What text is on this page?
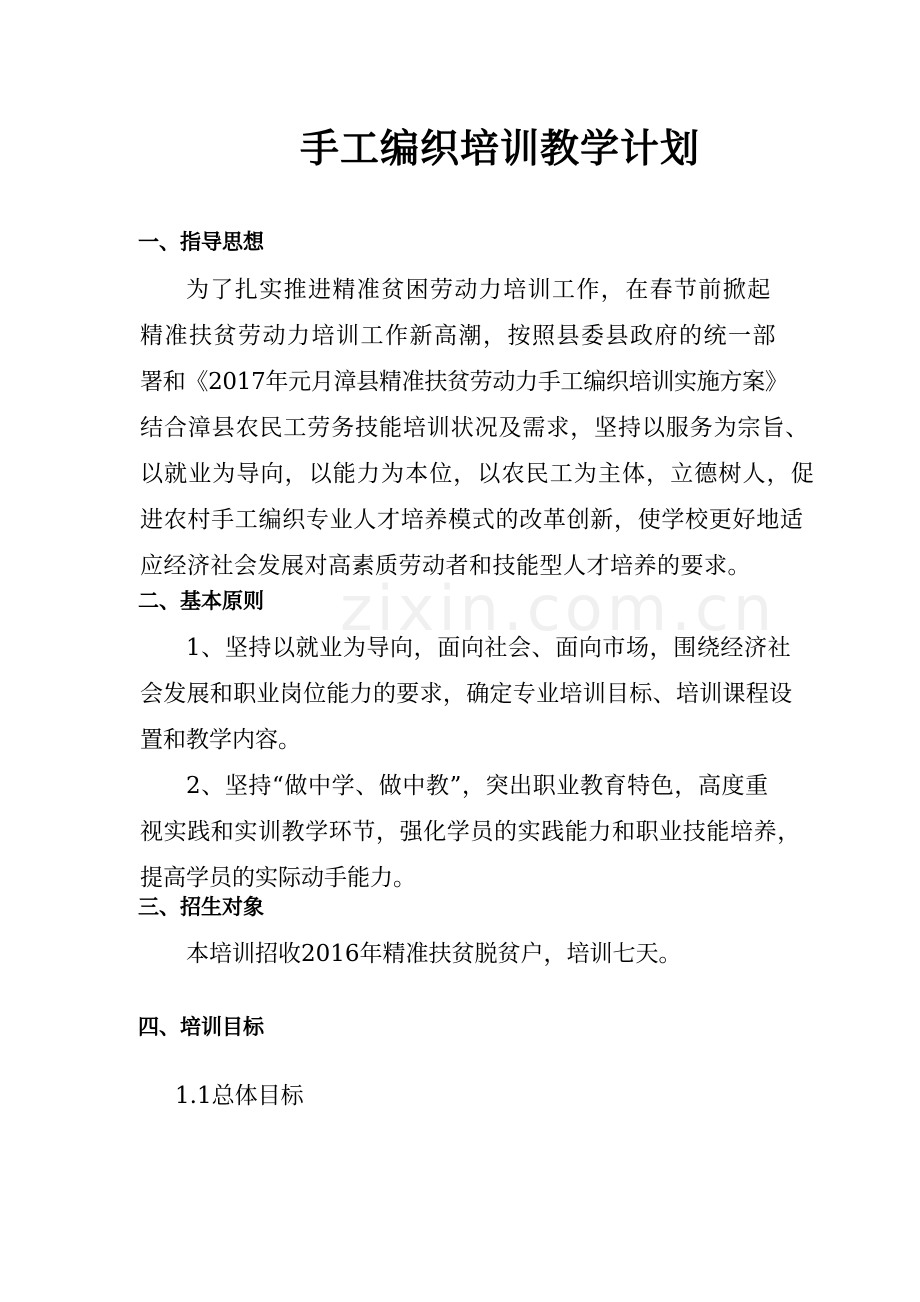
zixin.com.cn
手工编织培训教学计划
一、指导思想
为了扎实推进精准贫困劳动力培训工作，在春节前掀起
精准扶贫劳动力培训工作新高潮，按照县委县政府的统一部
署和《2017年元月漳县精准扶贫劳动力手工编织培训实施方案》
结合漳县农民工劳务技能培训状况及需求，坚持以服务为宗旨、
以就业为导向，以能力为本位，以农民工为主体，立德树人，促
进农村手工编织专业人才培养模式的改革创新，使学校更好地适
应经济社会发展对高素质劳动者和技能型人才培养的要求。
二、基本原则
1、坚持以就业为导向，面向社会、面向市场，围绕经济社
会发展和职业岗位能力的要求，确定专业培训目标、培训课程设
置和教学内容。
2、坚持“做中学、做中教”，突出职业教育特色，高度重
视实践和实训教学环节，强化学员的实践能力和职业技能培养，
提高学员的实际动手能力。
三、招生对象
本培训招收2016年精准扶贫脱贫户，培训七天。
四、培训目标
1.1总体目标
